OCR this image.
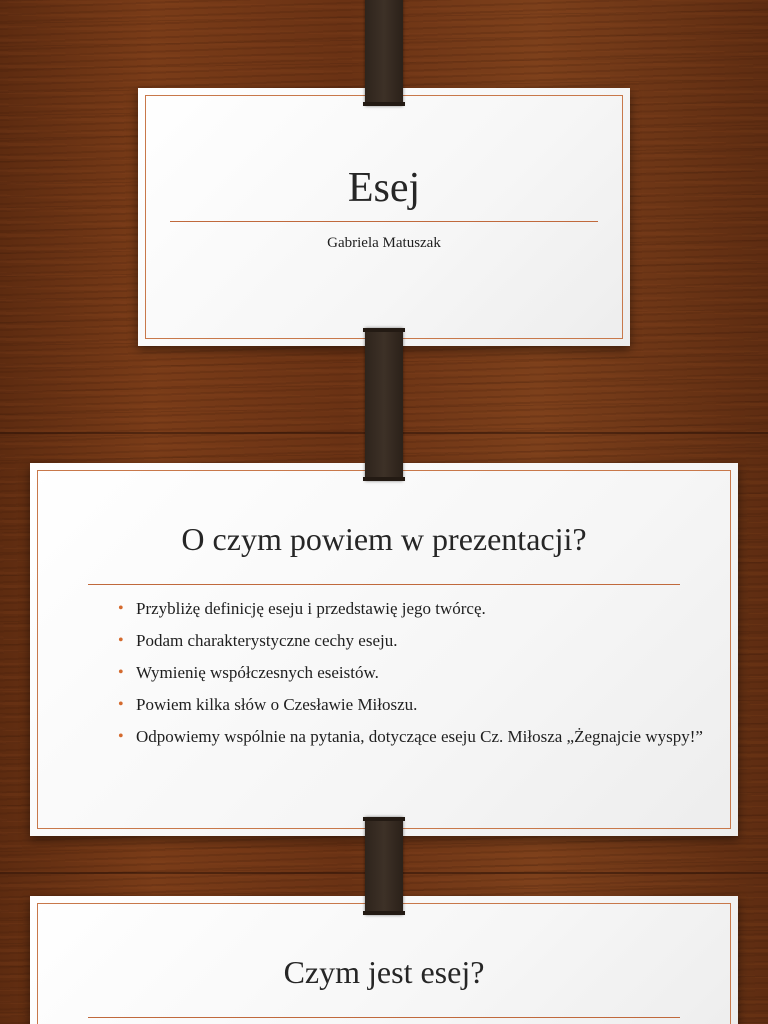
Esej
Gabriela Matuszak
O czym powiem w prezentacji?
• Przybliżę definicję eseju i przedstawię jego twórcę.
• Podam charakterystyczne cechy eseju.
• Wymienię współczesnych eseistów.
• Powiem kilka słów o Czesławie Miłoszu.
• Odpowiemy wspólnie na pytania, dotyczące eseju Cz. Miłosza „Żegnajcie wyspy!”
Czym jest esej?
